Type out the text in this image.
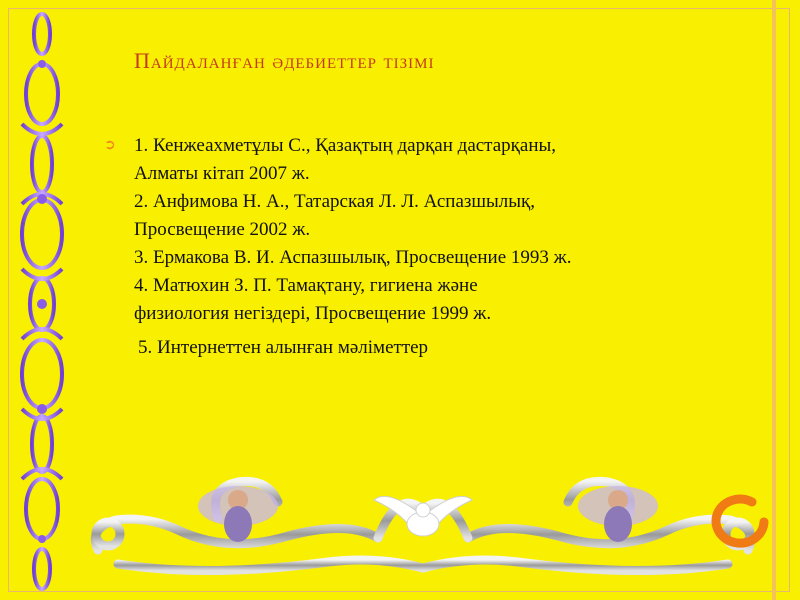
Пайдаланған әдебиеттер тізімі
➲ 1. Кенжеахметұлы С., Қазақтың дарқан дастарқаны,
Алматы кітап 2007 ж.
2. Анфимова Н. А., Татарская Л. Л. Аспазшылық,
Просвещение 2002 ж.
3. Ермакова В. И. Аспазшылық, Просвещение 1993 ж.
4. Матюхин З. П. Тамақтану, гигиена және
физиология негіздері, Просвещение 1999 ж.
5. Интернеттен алынған мәліметтер
